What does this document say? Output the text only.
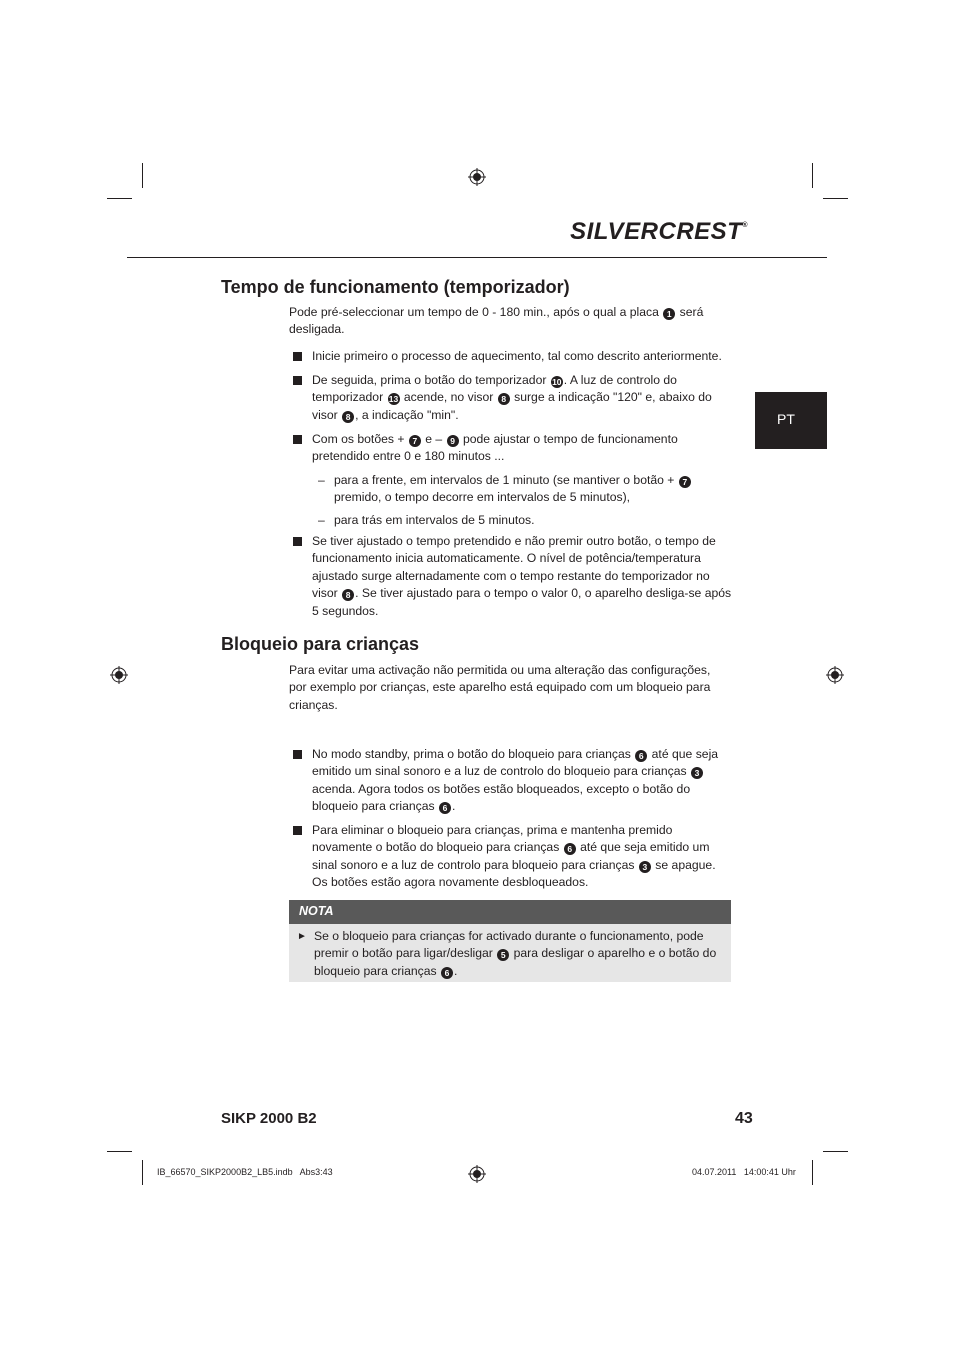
SILVERCREST®
PT
Tempo de funcionamento (temporizador)

Pode pré-seleccionar um tempo de 0 - 180 min., após o qual a placa 1 será desligada.

Inicie primeiro o processo de aquecimento, tal como descrito anteriormente.
De seguida, prima o botão do temporizador 10 . A luz de controlo do temporizador 13 acende, no visor 8 surge a indicação "120" e, abaixo do visor 8 , a indicação "min".
Com os botões + 7 e – 9 pode ajustar o tempo de funcionamento pretendido entre 0 e 180 minutos ...
– para a frente, em intervalos de 1 minuto (se mantiver o botão + 7 premido, o tempo decorre em intervalos de 5 minutos),
– para trás em intervalos de 5 minutos.
Se tiver ajustado o tempo pretendido e não premir outro botão, o tempo de funcionamento inicia automaticamente. O nível de potência/temperatura ajustado surge alternadamente com o tempo restante do temporizador no visor 8 . Se tiver ajustado para o tempo o valor 0, o aparelho desliga-se após 5 segundos.
Bloqueio para crianças

Para evitar uma activação não permitida ou uma alteração das configurações, por exemplo por crianças, este aparelho está equipado com um bloqueio para crianças.

No modo standby, prima o botão do bloqueio para crianças 6 até que seja emitido um sinal sonoro e a luz de controlo do bloqueio para crianças 3 acenda. Agora todos os botões estão bloqueados, excepto o botão do bloqueio para crianças 6 .
Para eliminar o bloqueio para crianças, prima e mantenha premido novamente o botão do bloqueio para crianças 6 até que seja emitido um sinal sonoro e a luz de controlo para bloqueio para crianças 3 se apague. Os botões estão agora novamente desbloqueados.
NOTA
► Se o bloqueio para crianças for activado durante o funcionamento, pode premir o botão para ligar/desligar 5 para desligar o aparelho e o botão do bloqueio para crianças 6 .
SIKP 2000 B2	43
IB_66570_SIKP2000B2_LB5.indb   Abs3:43	04.07.2011   14:00:41 Uhr
